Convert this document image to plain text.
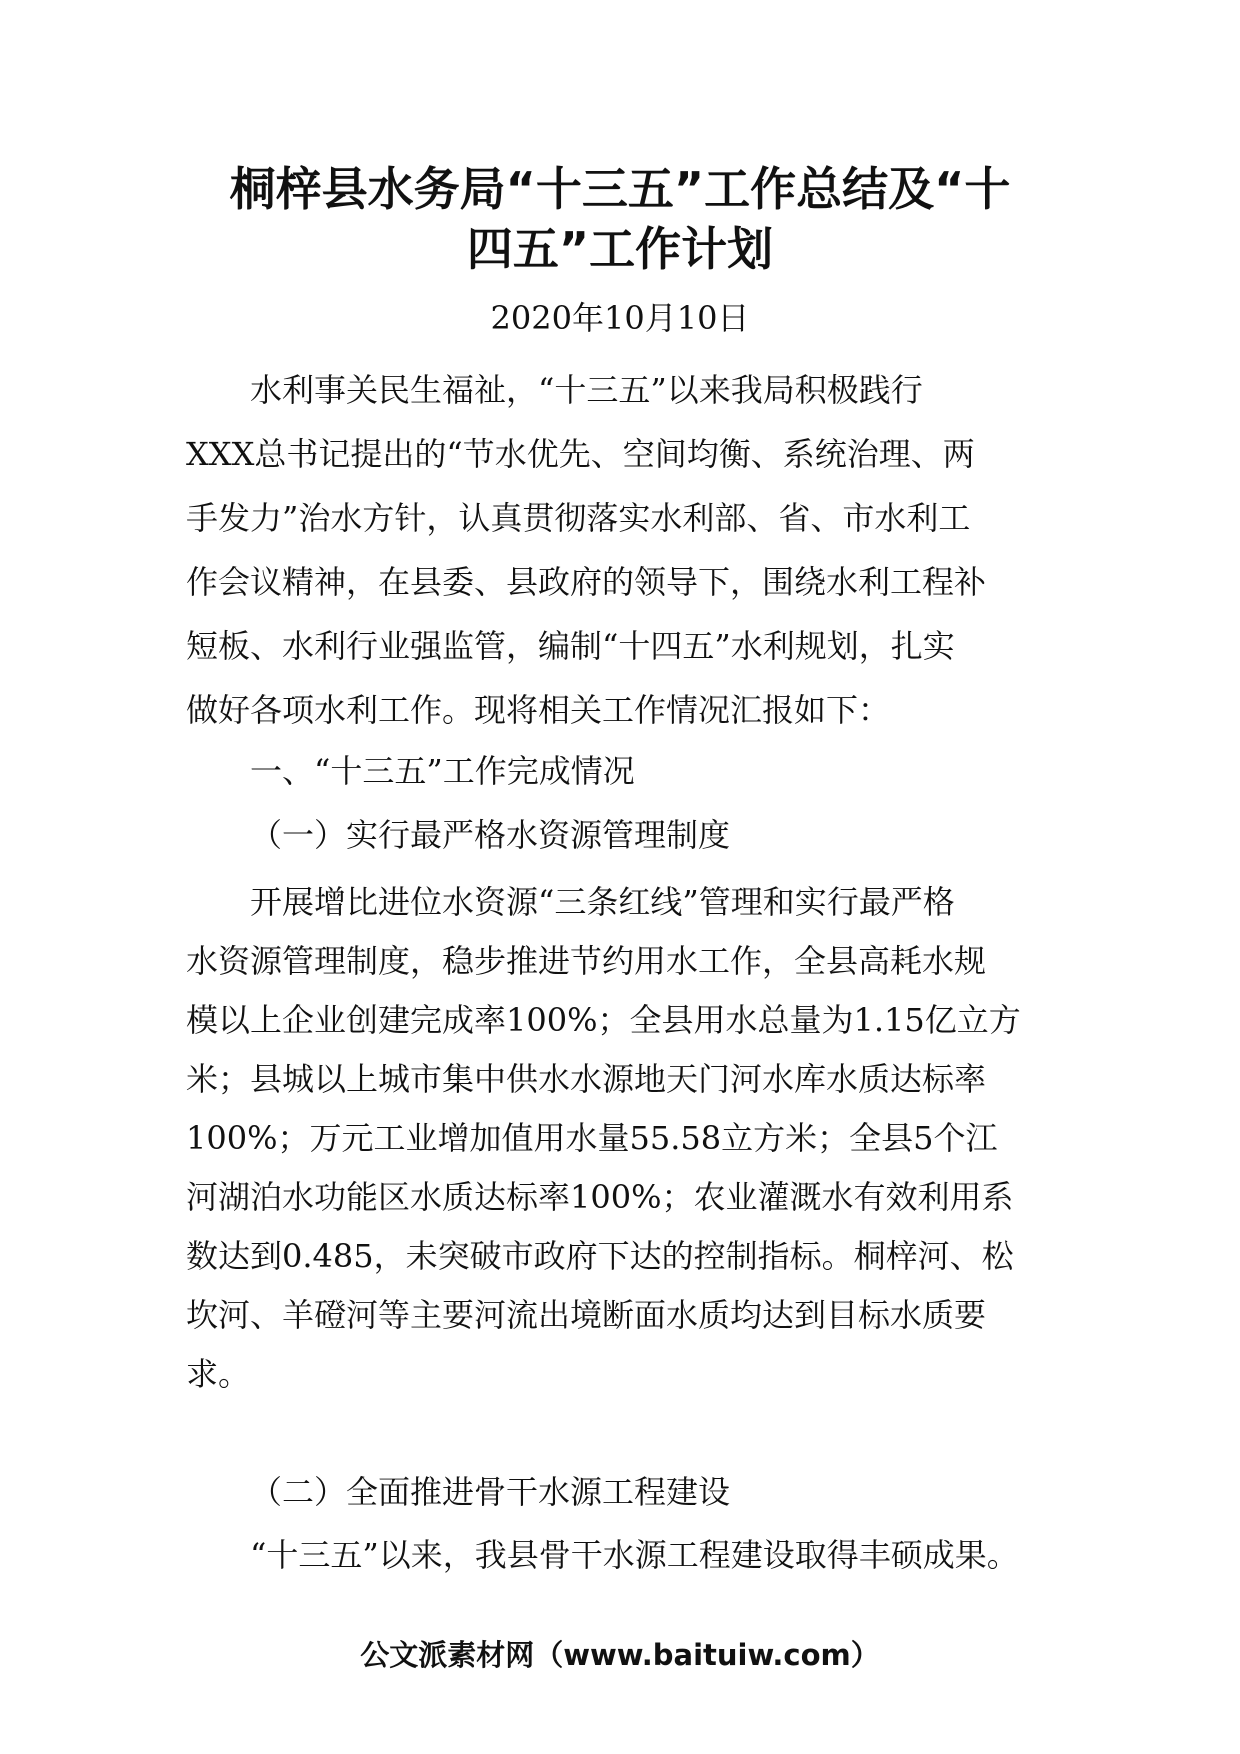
桐梓县水务局“十三五”工作总结及“十
四五”工作计划
2020年10月10日
水利事关民生福祉，“十三五”以来我局积极践行
XXX总书记提出的“节水优先、空间均衡、系统治理、两
手发力”治水方针，认真贯彻落实水利部、省、市水利工
作会议精神，在县委、县政府的领导下，围绕水利工程补
短板、水利行业强监管，编制“十四五”水利规划，扎实
做好各项水利工作。现将相关工作情况汇报如下：
一、“十三五”工作完成情况
（一）实行最严格水资源管理制度
开展增比进位水资源“三条红线”管理和实行最严格
水资源管理制度，稳步推进节约用水工作，全县高耗水规
模以上企业创建完成率100%；全县用水总量为1.15亿立方
米；县城以上城市集中供水水源地天门河水库水质达标率
100%；万元工业增加值用水量55.58立方米；全县5个江
河湖泊水功能区水质达标率100%；农业灌溉水有效利用系
数达到0.485，未突破市政府下达的控制指标。桐梓河、松
坎河、羊磴河等主要河流出境断面水质均达到目标水质要
求。
（二）全面推进骨干水源工程建设
“十三五”以来，我县骨干水源工程建设取得丰硕成果。
公文派素材网（www.baituiw.com）
